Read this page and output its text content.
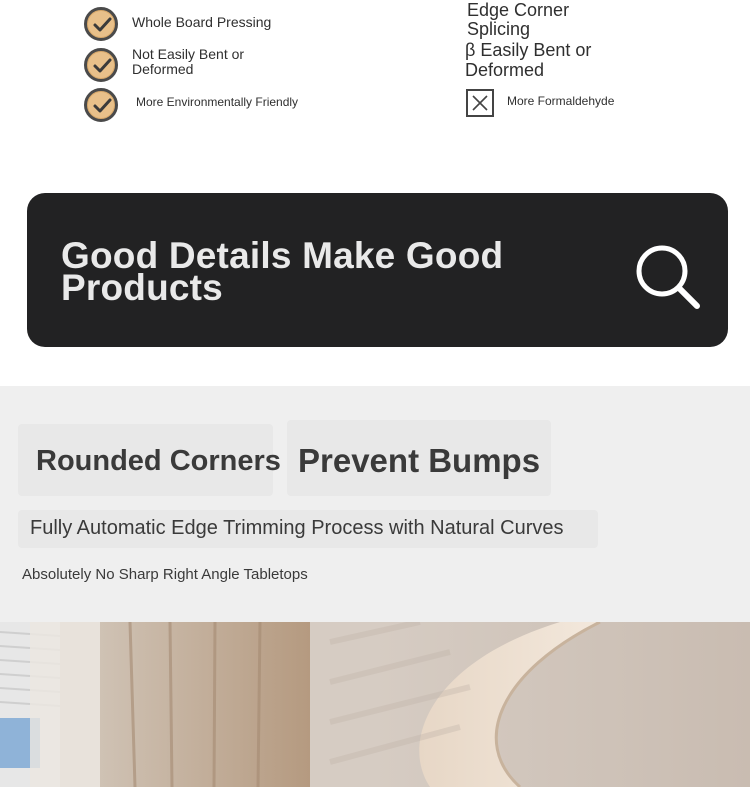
Whole Board Pressing
Not Easily Bent or Deformed
More Environmentally Friendly
Edge Corner
Splicing
β Easily Bent or
Deformed
More Formaldehyde
Good Details Make Good Products
Rounded Corners Prevent Bumps
Fully Automatic Edge Trimming Process with Natural Curves
Absolutely No Sharp Right Angle Tabletops
